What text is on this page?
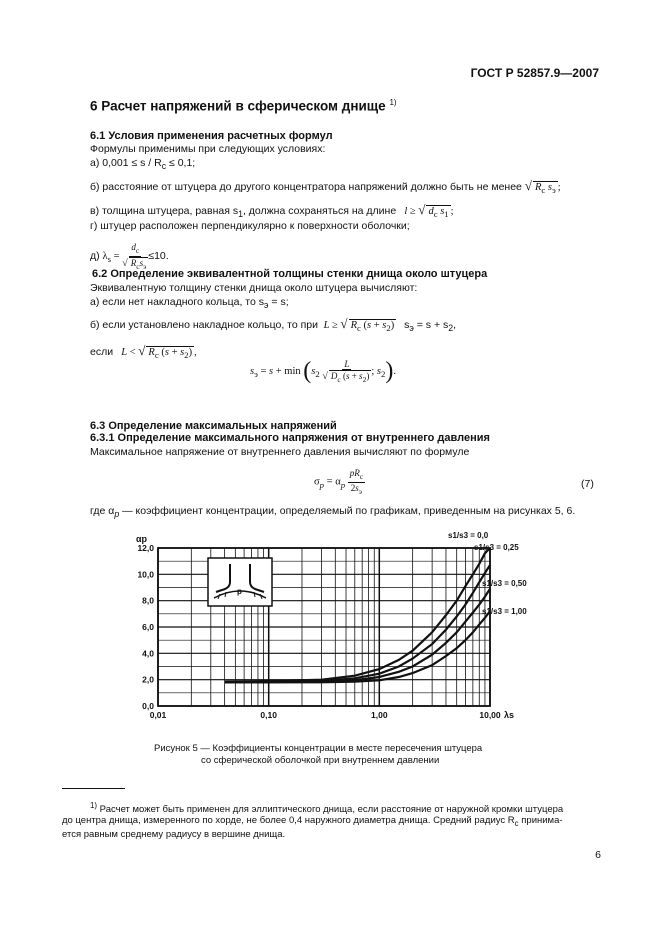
ГОСТ Р 52857.9—2007
6 Расчет напряжений в сферическом днище $^{1)}$
6.1 Условия применения расчетных формул
Формулы применимы при следующих условиях:
а) $0,001 \le s / R_c \le 0,1$;
б) расстояние от штуцера до другого концентратора напряжений должно быть не менее √ $R_c$ $s_э$ ;
в) толщина штуцера, равная $s_1$, должна сохраняться на длине l ≥ √ $d_c$ $s_1$ ;
г) штуцер расположен перпендикулярно к поверхности оболочки;
д) $\lambda_s = \frac{d_c}{√ R_cs_э} \le 10$.
6.2 Определение эквивалентной толщины стенки днища около штуцера
Эквивалентную толщину стенки днища около штуцера вычисляют:
а) если нет накладного кольца, то $s_э = s$;
б) если установлено накладное кольцо, то при L ≥ √ $R_c$ $(s + s_2)$ $s_э = s + s_2$,
если L < √ $R_c$ $(s + s_2)$ ,
$s_э = s + \min (s_2 \frac{L}{√ D_c (s + s_2)}$ ; $s_2$).
6.3 Определение максимальных напряжений
6.3.1 Определение максимального напряжения от внутреннего давления
Максимальное напряжение от внутреннего давления вычисляют по формуле
$\sigma_p = \alpha_p \frac{pR_c}{2s_э}$	(7)
где $\alpha_p$ — коэффициент концентрации, определяемый по графикам, приведенным на рисунках 5, 6.
0,0
2,0
4,0
6,0
8,0
10,0
12,0
0,01	0,10	1,00	10,00
αp
λs
s1/s3 = 0,0
s1/s3 = 0,25
s1/s3 = 0,50
s1/s3 = 1,00
p
Рисунок 5 — Коэффициенты концентрации в месте пересечения штуцера
со сферической оболочкой при внутреннем давлении
$^{1)}$ Расчет может быть применен для эллиптического днища, если расстояние от наружной кромки штуцера
до центра днища, измеренного по хорде, не более 0,4 наружного диаметра днища. Средний радиус $R_c$ принима-
ется равным среднему радиусу в вершине днища.
6
